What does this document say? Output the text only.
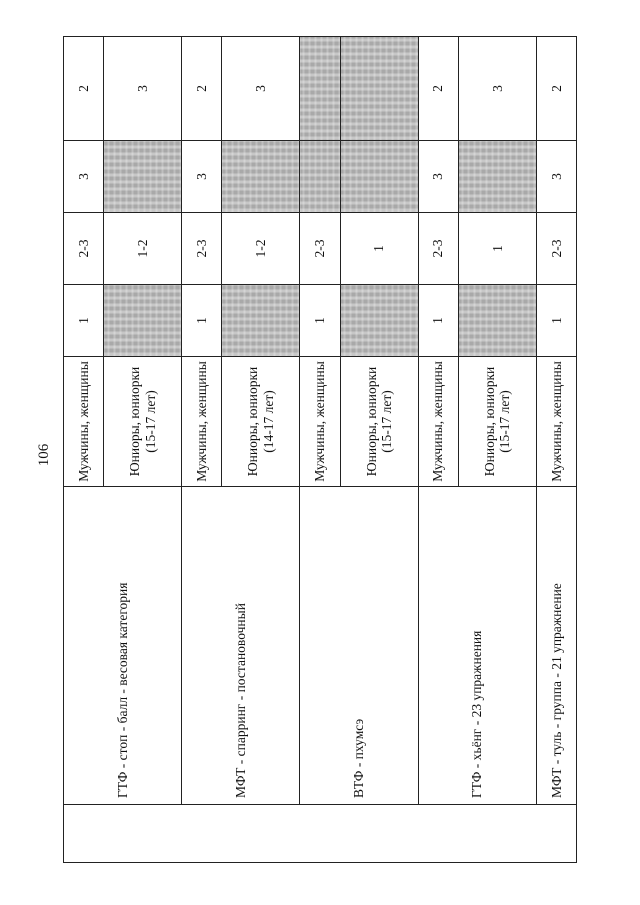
106
	ГТФ - стоп - балл - весовая категория	Мужчины, женщины	1	2-3	3	2
		Юниоры, юниорки (15-17 лет)		1-2		3
	МФТ - спарринг - постановочный	Мужчины, женщины	1	2-3	3	2
		Юниоры, юниорки (14-17 лет)		1-2		3
	ВТФ - пхумсэ	Мужчины, женщины	1	2-3		
		Юниоры, юниорки (15-17 лет)		1		
	ГТФ - хьёнг - 23 упражнения	Мужчины, женщины	1	2-3	3	2
		Юниоры, юниорки (15-17 лет)		1		3
	МФТ - туль - группа - 21 упражнение	Мужчины, женщины	1	2-3	3	2
